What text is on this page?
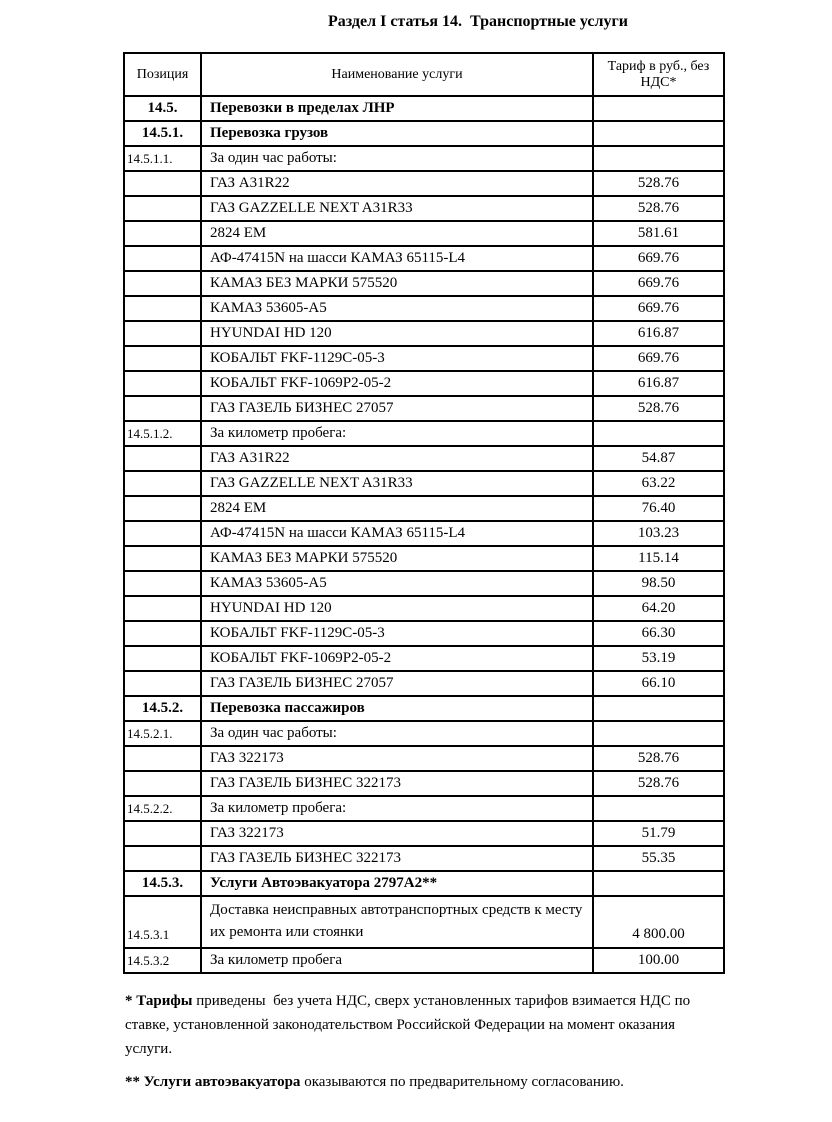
Раздел I статья 14.  Транспортные услуги
Позиция	Наименование услуги	Тариф в руб., без НДС*
14.5.	Перевозки в пределах ЛНР	
14.5.1.	Перевозка грузов	
14.5.1.1.	За один час работы:	
	ГАЗ A31R22	528.76
	ГАЗ GAZZELLE NEXT A31R33	528.76
	2824 ЕМ	581.61
	АФ-47415N на шасси КАМАЗ 65115-L4	669.76
	КАМАЗ БЕЗ МАРКИ 575520	669.76
	КАМАЗ 53605-А5	669.76
	HYUNDAI HD 120	616.87
	КОБАЛЬТ FKF-1129C-05-3	669.76
	КОБАЛЬТ FKF-1069P2-05-2	616.87
	ГАЗ ГАЗЕЛЬ БИЗНЕС 27057	528.76
14.5.1.2.	За километр пробега:	
	ГАЗ A31R22	54.87
	ГАЗ GAZZELLE NEXT A31R33	63.22
	2824 ЕМ	76.40
	АФ-47415N на шасси КАМАЗ 65115-L4	103.23
	КАМАЗ БЕЗ МАРКИ 575520	115.14
	КАМАЗ 53605-А5	98.50
	HYUNDAI HD 120	64.20
	КОБАЛЬТ FKF-1129C-05-3	66.30
	КОБАЛЬТ FKF-1069P2-05-2	53.19
	ГАЗ ГАЗЕЛЬ БИЗНЕС 27057	66.10
14.5.2.	Перевозка пассажиров	
14.5.2.1.	За один час работы:	
	ГАЗ 322173	528.76
	ГАЗ ГАЗЕЛЬ БИЗНЕС 322173	528.76
14.5.2.2.	За километр пробега:	
	ГАЗ 322173	51.79
	ГАЗ ГАЗЕЛЬ БИЗНЕС 322173	55.35
14.5.3.	Услуги Автоэвакуатора 2797А2**	
14.5.3.1	Доставка неисправных автотранспортных средств к месту их ремонта или стоянки	4 800.00
14.5.3.2	За километр пробега	100.00

* Тарифы приведены  без учета НДС, сверх установленных тарифов взимается НДС по ставке, установленной законодательством Российской Федерации на момент оказания услуги.

** Услуги автоэвакуатора оказываются по предварительному согласованию.
